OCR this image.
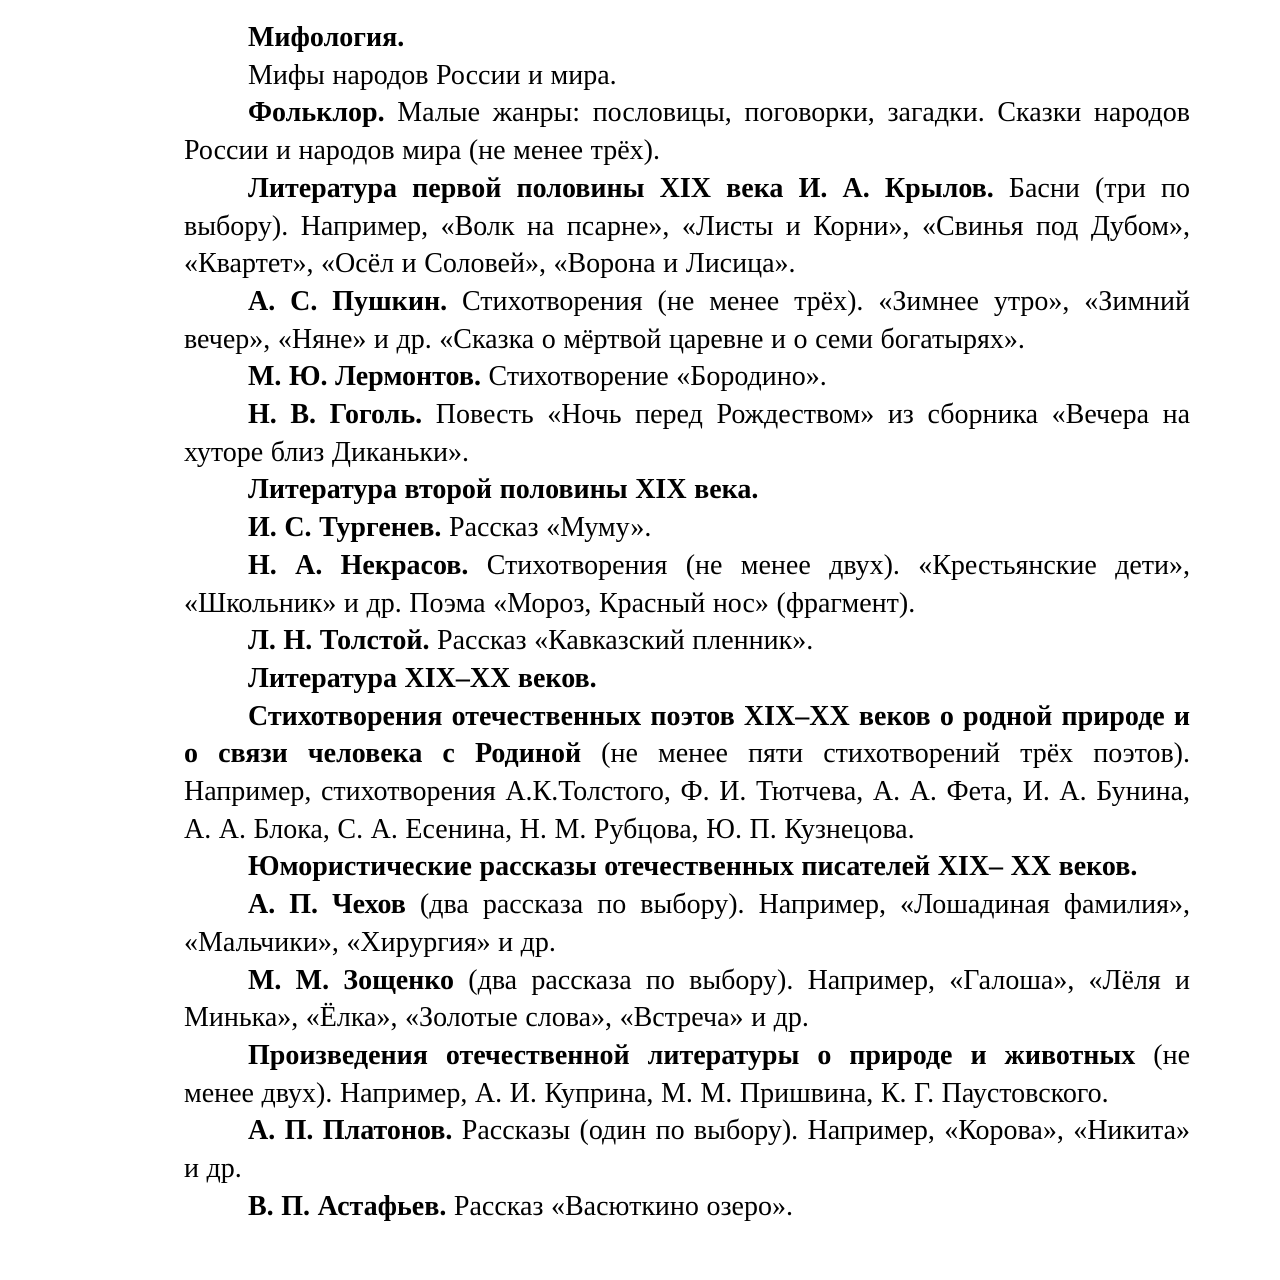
Мифология.

Мифы народов России и мира.

Фольклор. Малые жанры: пословицы, поговорки, загадки. Сказки народов России и народов мира (не менее трёх).

Литература первой половины XIX века И. А. Крылов. Басни (три по выбору). Например, «Волк на псарне», «Листы и Корни», «Свинья под Дубом», «Квартет», «Осёл и Соловей», «Ворона и Лисица».

А. С. Пушкин. Стихотворения (не менее трёх). «Зимнее утро», «Зимний вечер», «Няне» и др. «Сказка о мёртвой царевне и о семи богатырях».

М. Ю. Лермонтов. Стихотворение «Бородино».

Н. В. Гоголь. Повесть «Ночь перед Рождеством» из сборника «Вечера на хуторе близ Диканьки».

Литература второй половины XIX века.

И. С. Тургенев. Рассказ «Муму».

Н. А. Некрасов. Стихотворения (не менее двух). «Крестьянские дети», «Школьник» и др. Поэма «Мороз, Красный нос» (фрагмент).

Л. Н. Толстой. Рассказ «Кавказский пленник».

Литература XIX–XX веков.

Стихотворения отечественных поэтов XIX–XX веков о родной природе и о связи человека с Родиной (не менее пяти стихотворений трёх поэтов). Например, стихотворения А.К.Толстого, Ф. И. Тютчева, А. А. Фета, И. А. Бунина, А. А. Блока, С. А. Есенина, Н. М. Рубцова, Ю. П. Кузнецова.

Юмористические рассказы отечественных писателей XIX– XX веков.

А. П. Чехов (два рассказа по выбору). Например, «Лошадиная фамилия», «Мальчики», «Хирургия» и др.

М. М. Зощенко (два рассказа по выбору). Например, «Галоша», «Лёля и Минька», «Ёлка», «Золотые слова», «Встреча» и др.

Произведения отечественной литературы о природе и животных (не менее двух). Например, А. И. Куприна, М. М. Пришвина, К. Г. Паустовского.

А. П. Платонов. Рассказы (один по выбору). Например, «Корова», «Никита» и др.

В. П. Астафьев. Рассказ «Васюткино озеро».
